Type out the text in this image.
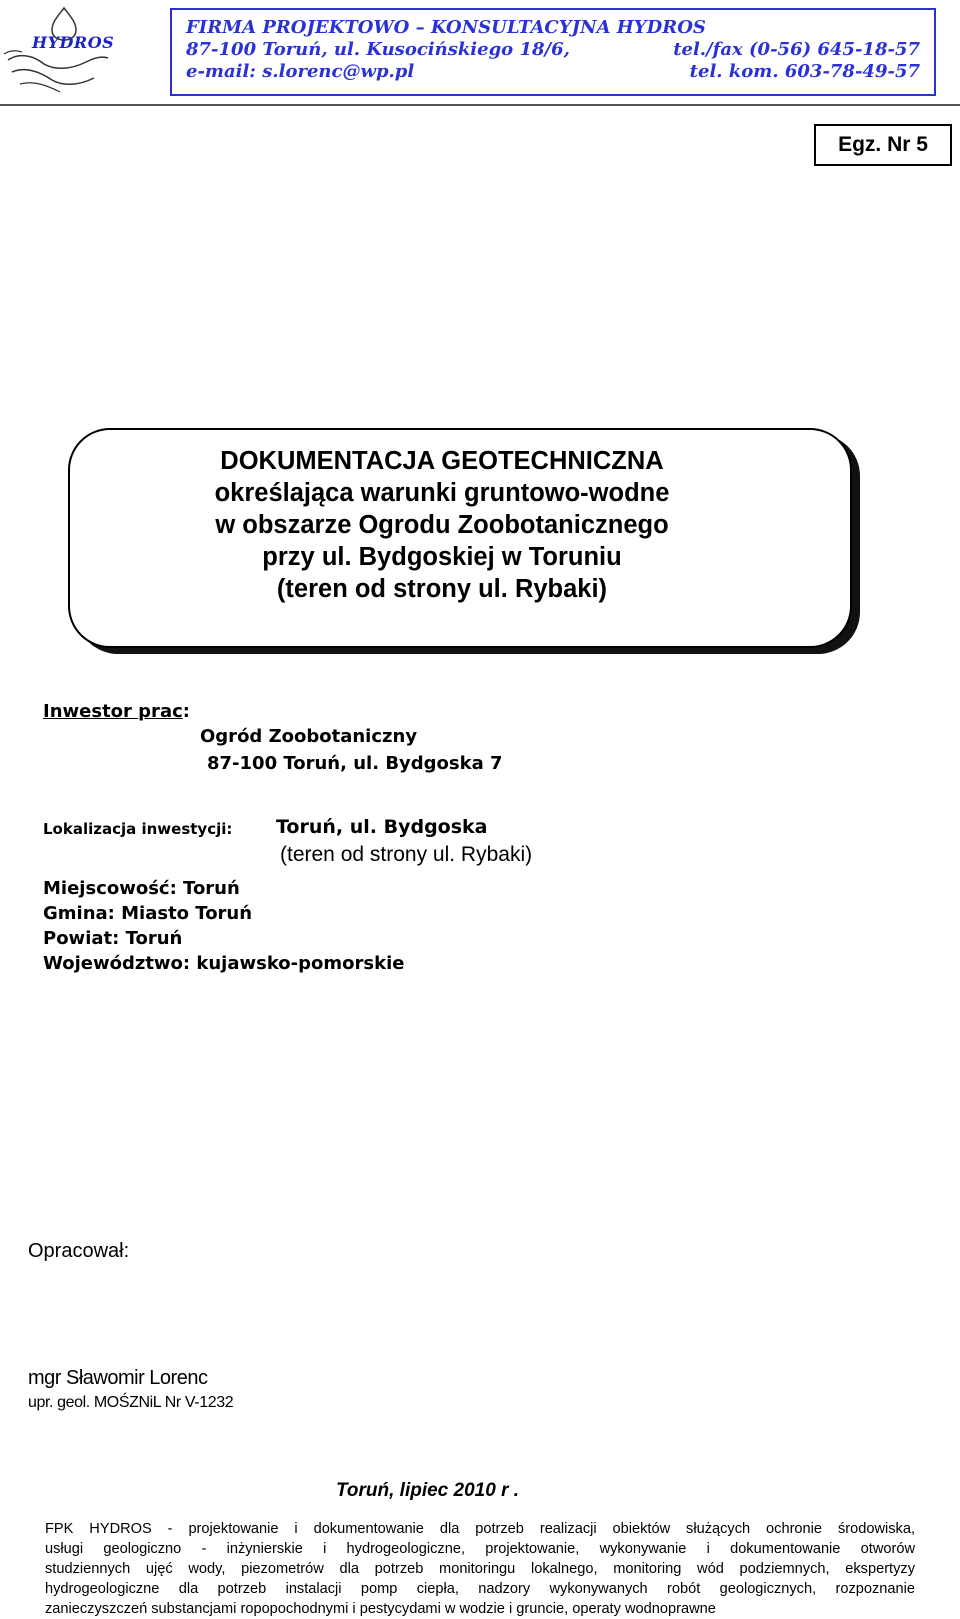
HYDROS
FIRMA PROJEKTOWO – KONSULTACYJNA HYDROS
87-100 Toruń, ul. Kusocińskiego 18/6,	tel./fax (0-56) 645-18-57
e-mail: s.lorenc@wp.pl	tel. kom. 603-78-49-57
Egz. Nr 5
DOKUMENTACJA GEOTECHNICZNA
określająca warunki gruntowo-wodne
w obszarze Ogrodu Zoobotanicznego
przy ul. Bydgoskiej w Toruniu
(teren od strony ul. Rybaki)
Inwestor prac:
Ogród Zoobotaniczny
87-100 Toruń, ul. Bydgoska 7
Lokalizacja inwestycji: Toruń, ul. Bydgoska
(teren od strony ul. Rybaki)
Miejscowość: Toruń
Gmina: Miasto Toruń
Powiat: Toruń
Województwo: kujawsko-pomorskie
Opracował:
mgr Sławomir Lorenc
upr. geol. MOŚZNiL Nr V-1232
Toruń, lipiec 2010 r .
FPK HYDROS - projektowanie i dokumentowanie dla potrzeb realizacji obiektów służących ochronie środowiska,
usługi geologiczno - inżynierskie i hydrogeologiczne, projektowanie, wykonywanie i dokumentowanie otworów
studziennych ujęć wody, piezometrów dla potrzeb monitoringu lokalnego, monitoring wód podziemnych, ekspertyzy
hydrogeologiczne dla potrzeb instalacji pomp ciepła, nadzory wykonywanych robót geologicznych, rozpoznanie
zanieczyszczeń substancjami ropopochodnymi i pestycydami w wodzie i gruncie, operaty wodnoprawne
